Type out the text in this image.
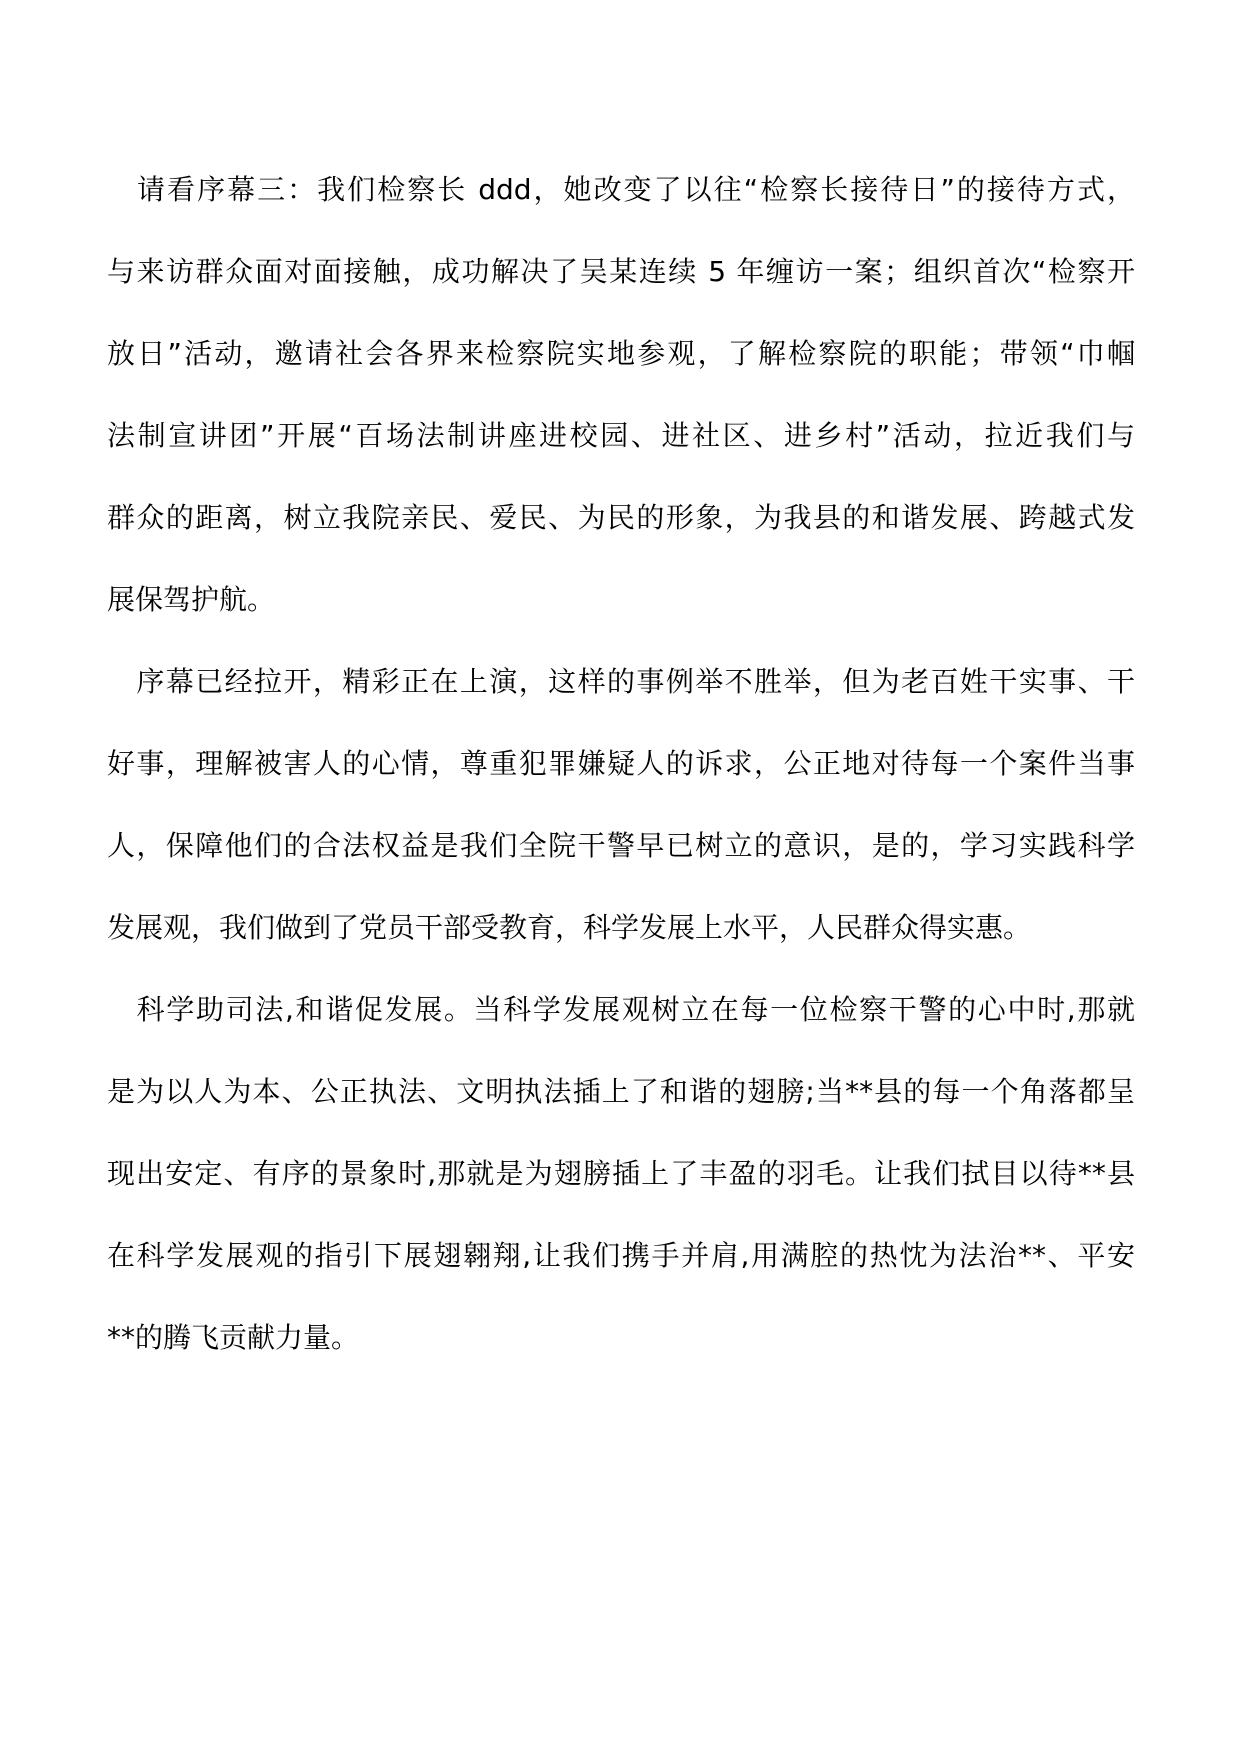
　请看序幕三：我们检察长 ddd，她改变了以往“检察长接待日”的接待方式，
与来访群众面对面接触，成功解决了吴某连续 5 年缠访一案；组织首次“检察开
放日”活动，邀请社会各界来检察院实地参观，了解检察院的职能；带领“巾帼
法制宣讲团”开展“百场法制讲座进校园、进社区、进乡村”活动，拉近我们与
群众的距离，树立我院亲民、爱民、为民的形象，为我县的和谐发展、跨越式发
展保驾护航。
　序幕已经拉开，精彩正在上演，这样的事例举不胜举，但为老百姓干实事、干
好事，理解被害人的心情，尊重犯罪嫌疑人的诉求，公正地对待每一个案件当事
人，保障他们的合法权益是我们全院干警早已树立的意识，是的，学习实践科学
发展观，我们做到了党员干部受教育，科学发展上水平，人民群众得实惠。
　科学助司法,和谐促发展。当科学发展观树立在每一位检察干警的心中时,那就
是为以人为本、公正执法、文明执法插上了和谐的翅膀;当**县的每一个角落都呈
现出安定、有序的景象时,那就是为翅膀插上了丰盈的羽毛。让我们拭目以待**县
在科学发展观的指引下展翅翱翔,让我们携手并肩,用满腔的热忱为法治**、平安
**的腾飞贡献力量。
